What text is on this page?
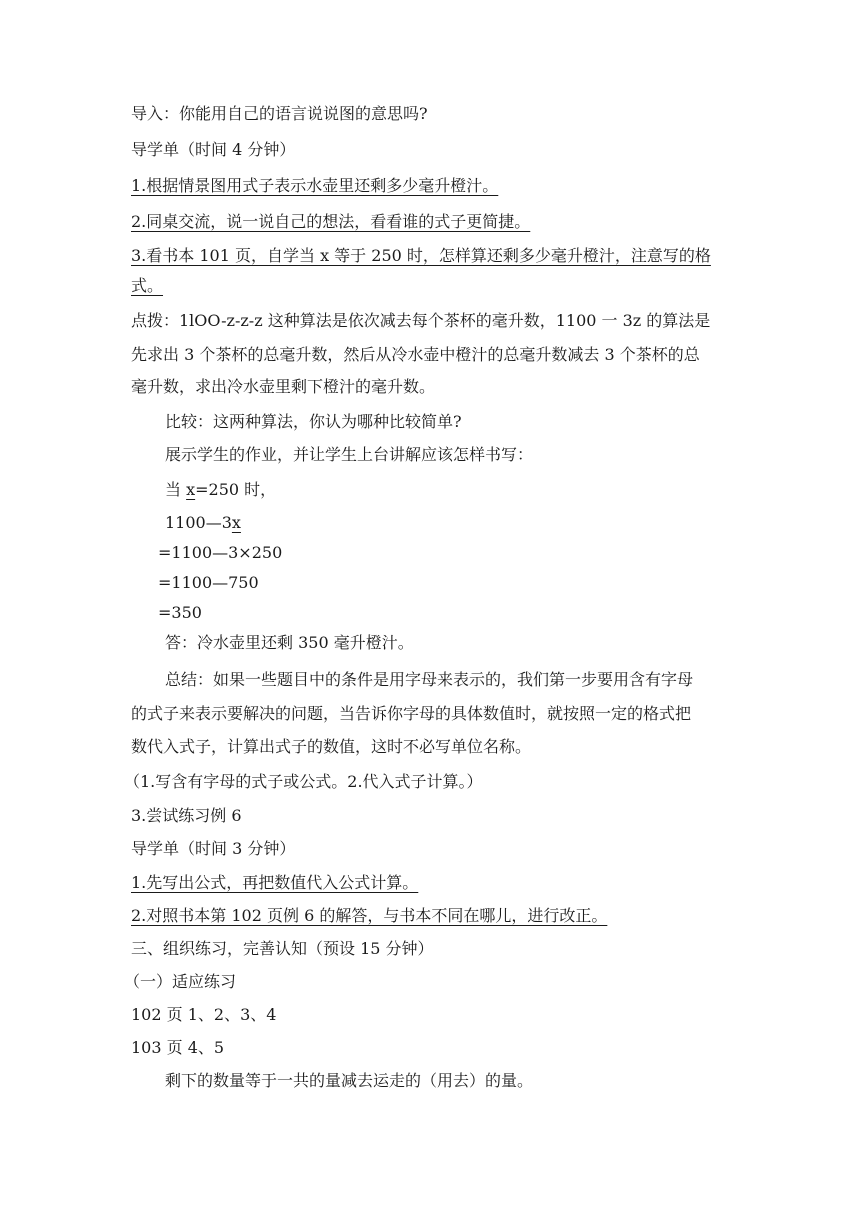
导入：你能用自己的语言说说图的意思吗?
导学单（时间 4 分钟）
1.根据情景图用式子表示水壶里还剩多少毫升橙汁。
2.同桌交流，说一说自己的想法，看看谁的式子更简捷。
3.看书本 101 页，自学当 x 等于 250 时，怎样算还剩多少毫升橙汁，注意写的格
式。
点拨：1lOO-z-z-z 这种算法是依次减去每个茶杯的毫升数，1100 一 3z 的算法是
先求出 3 个茶杯的总毫升数，然后从冷水壶中橙汁的总毫升数减去 3 个茶杯的总
毫升数，求出冷水壶里剩下橙汁的毫升数。
比较：这两种算法，你认为哪种比较简单?
展示学生的作业，并让学生上台讲解应该怎样书写：
当 x=250 时，
1100—3x
=1100—3×250
=1100—750
=350
答：冷水壶里还剩 350 毫升橙汁。
总结：如果一些题目中的条件是用字母来表示的，我们第一步要用含有字母
的式子来表示要解决的问题，当告诉你字母的具体数值时，就按照一定的格式把
数代入式子，计算出式子的数值，这时不必写单位名称。
（1.写含有字母的式子或公式。2.代入式子计算。）
3.尝试练习例 6
导学单（时间 3 分钟）
1.先写出公式，再把数值代入公式计算。
2.对照书本第 102 页例 6 的解答，与书本不同在哪儿，进行改正。
三、组织练习，完善认知（预设 15 分钟）
（一）适应练习
102 页 1、2、3、4
103 页 4、5
剩下的数量等于一共的量减去运走的（用去）的量。
